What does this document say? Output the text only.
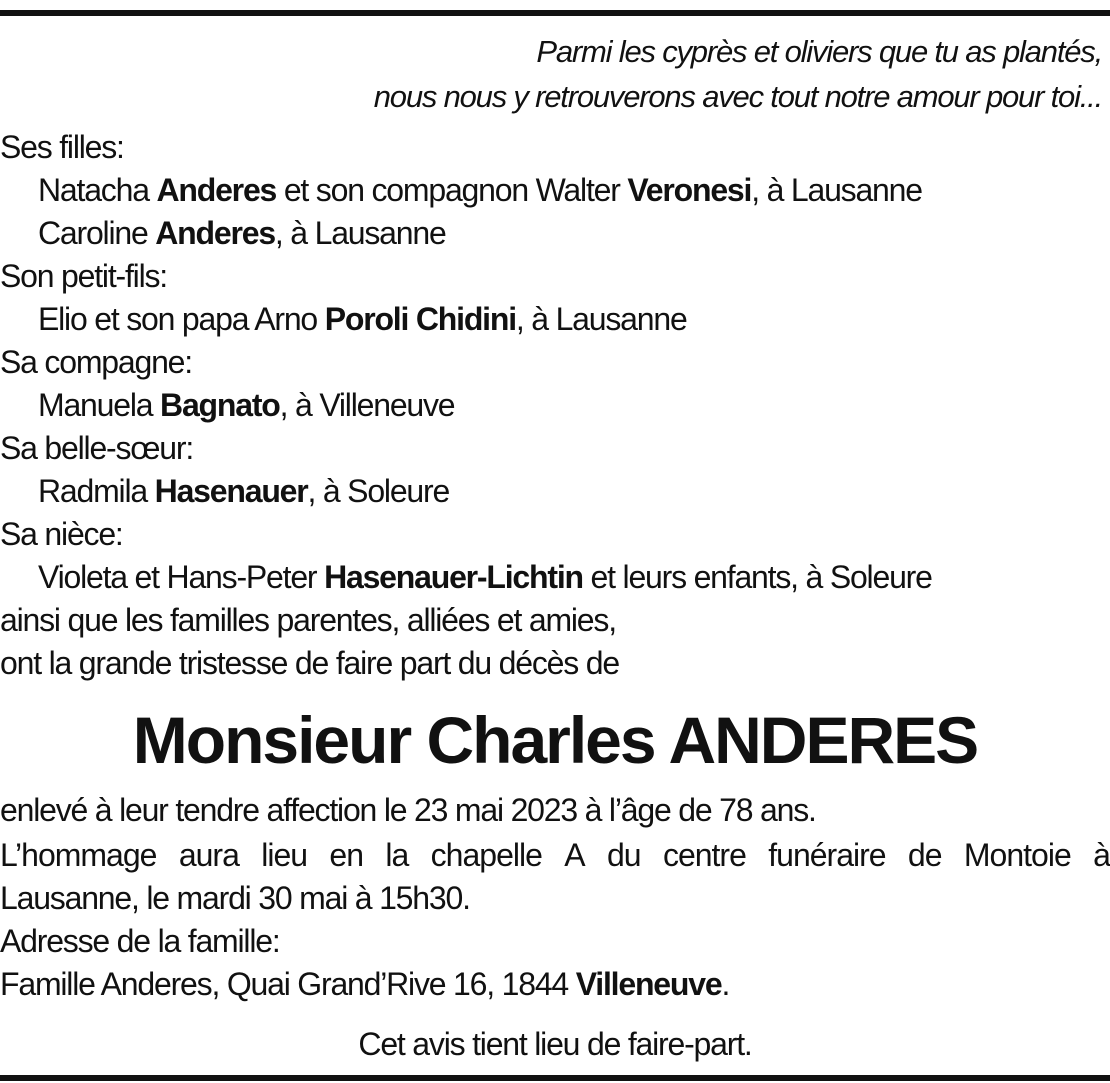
Parmi les cyprès et oliviers que tu as plantés,
nous nous y retrouverons avec tout notre amour pour toi...
Ses filles:
Natacha Anderes et son compagnon Walter Veronesi, à Lausanne
Caroline Anderes, à Lausanne
Son petit-fils:
Elio et son papa Arno Poroli Chidini, à Lausanne
Sa compagne:
Manuela Bagnato, à Villeneuve
Sa belle-sœur:
Radmila Hasenauer, à Soleure
Sa nièce:
Violeta et Hans-Peter Hasenauer-Lichtin et leurs enfants, à Soleure
ainsi que les familles parentes, alliées et amies,
ont la grande tristesse de faire part du décès de
Monsieur Charles ANDERES
enlevé à leur tendre affection le 23 mai 2023 à l’âge de 78 ans.
L’hommage aura lieu en la chapelle A du centre funéraire de Montoie à
Lausanne, le mardi 30 mai à 15h30.
Adresse de la famille:
Famille Anderes, Quai Grand’Rive 16, 1844 Villeneuve.
Cet avis tient lieu de faire-part.
